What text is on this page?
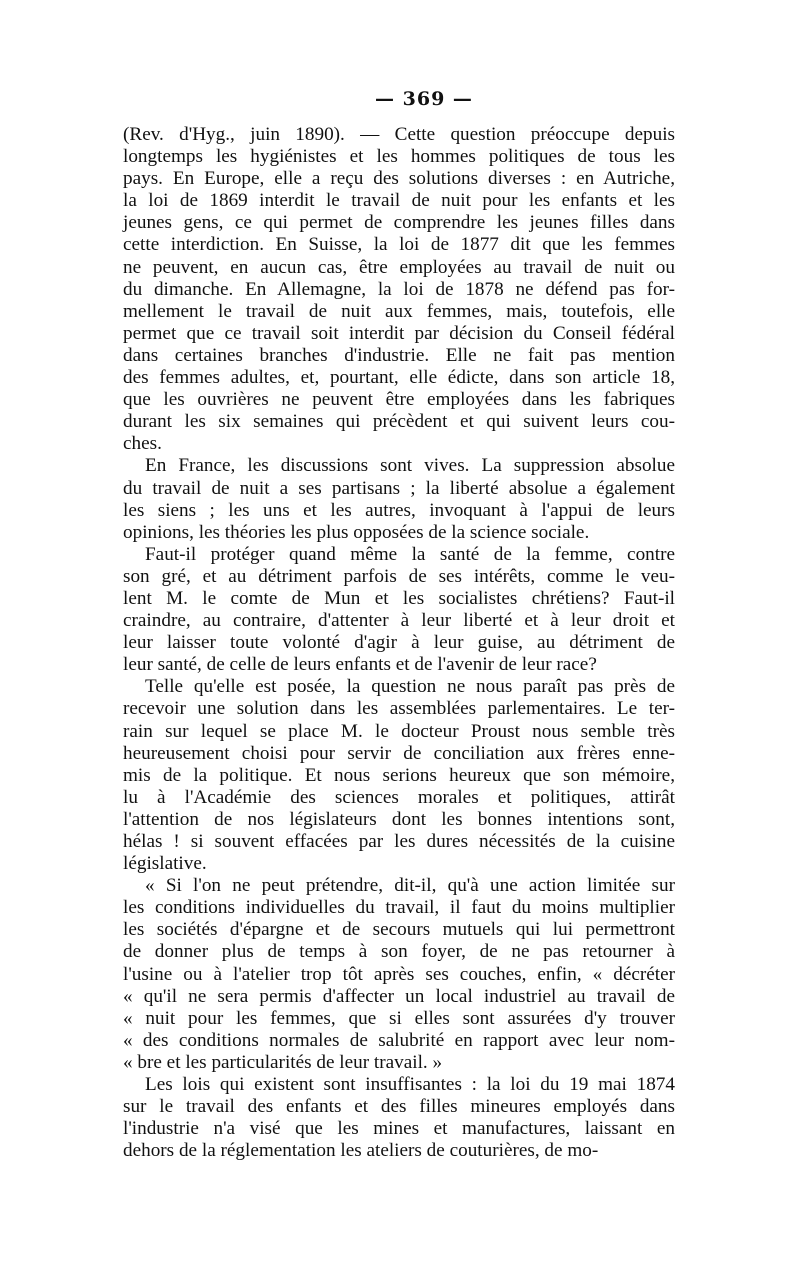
— 369 —
(Rev. d'Hyg., juin 1890). — Cette question préoccupe depuis
longtemps les hygiénistes et les hommes politiques de tous les
pays. En Europe, elle a reçu des solutions diverses : en Autriche,
la loi de 1869 interdit le travail de nuit pour les enfants et les
jeunes gens, ce qui permet de comprendre les jeunes filles dans
cette interdiction. En Suisse, la loi de 1877 dit que les femmes
ne peuvent, en aucun cas, être employées au travail de nuit ou
du dimanche. En Allemagne, la loi de 1878 ne défend pas for-
mellement le travail de nuit aux femmes, mais, toutefois, elle
permet que ce travail soit interdit par décision du Conseil fédéral
dans certaines branches d'industrie. Elle ne fait pas mention
des femmes adultes, et, pourtant, elle édicte, dans son article 18,
que les ouvrières ne peuvent être employées dans les fabriques
durant les six semaines qui précèdent et qui suivent leurs cou-
ches.
En France, les discussions sont vives. La suppression absolue
du travail de nuit a ses partisans ; la liberté absolue a également
les siens ; les uns et les autres, invoquant à l'appui de leurs
opinions, les théories les plus opposées de la science sociale.
Faut-il protéger quand même la santé de la femme, contre
son gré, et au détriment parfois de ses intérêts, comme le veu-
lent M. le comte de Mun et les socialistes chrétiens? Faut-il
craindre, au contraire, d'attenter à leur liberté et à leur droit et
leur laisser toute volonté d'agir à leur guise, au détriment de
leur santé, de celle de leurs enfants et de l'avenir de leur race?
Telle qu'elle est posée, la question ne nous paraît pas près de
recevoir une solution dans les assemblées parlementaires. Le ter-
rain sur lequel se place M. le docteur Proust nous semble très
heureusement choisi pour servir de conciliation aux frères enne-
mis de la politique. Et nous serions heureux que son mémoire,
lu à l'Académie des sciences morales et politiques, attirât
l'attention de nos législateurs dont les bonnes intentions sont,
hélas ! si souvent effacées par les dures nécessités de la cuisine
législative.
« Si l'on ne peut prétendre, dit-il, qu'à une action limitée sur
les conditions individuelles du travail, il faut du moins multiplier
les sociétés d'épargne et de secours mutuels qui lui permettront
de donner plus de temps à son foyer, de ne pas retourner à
l'usine ou à l'atelier trop tôt après ses couches, enfin, « décréter
« qu'il ne sera permis d'affecter un local industriel au travail de
« nuit pour les femmes, que si elles sont assurées d'y trouver
« des conditions normales de salubrité en rapport avec leur nom-
« bre et les particularités de leur travail. »
Les lois qui existent sont insuffisantes : la loi du 19 mai 1874
sur le travail des enfants et des filles mineures employés dans
l'industrie n'a visé que les mines et manufactures, laissant en
dehors de la réglementation les ateliers de couturières, de mo-
